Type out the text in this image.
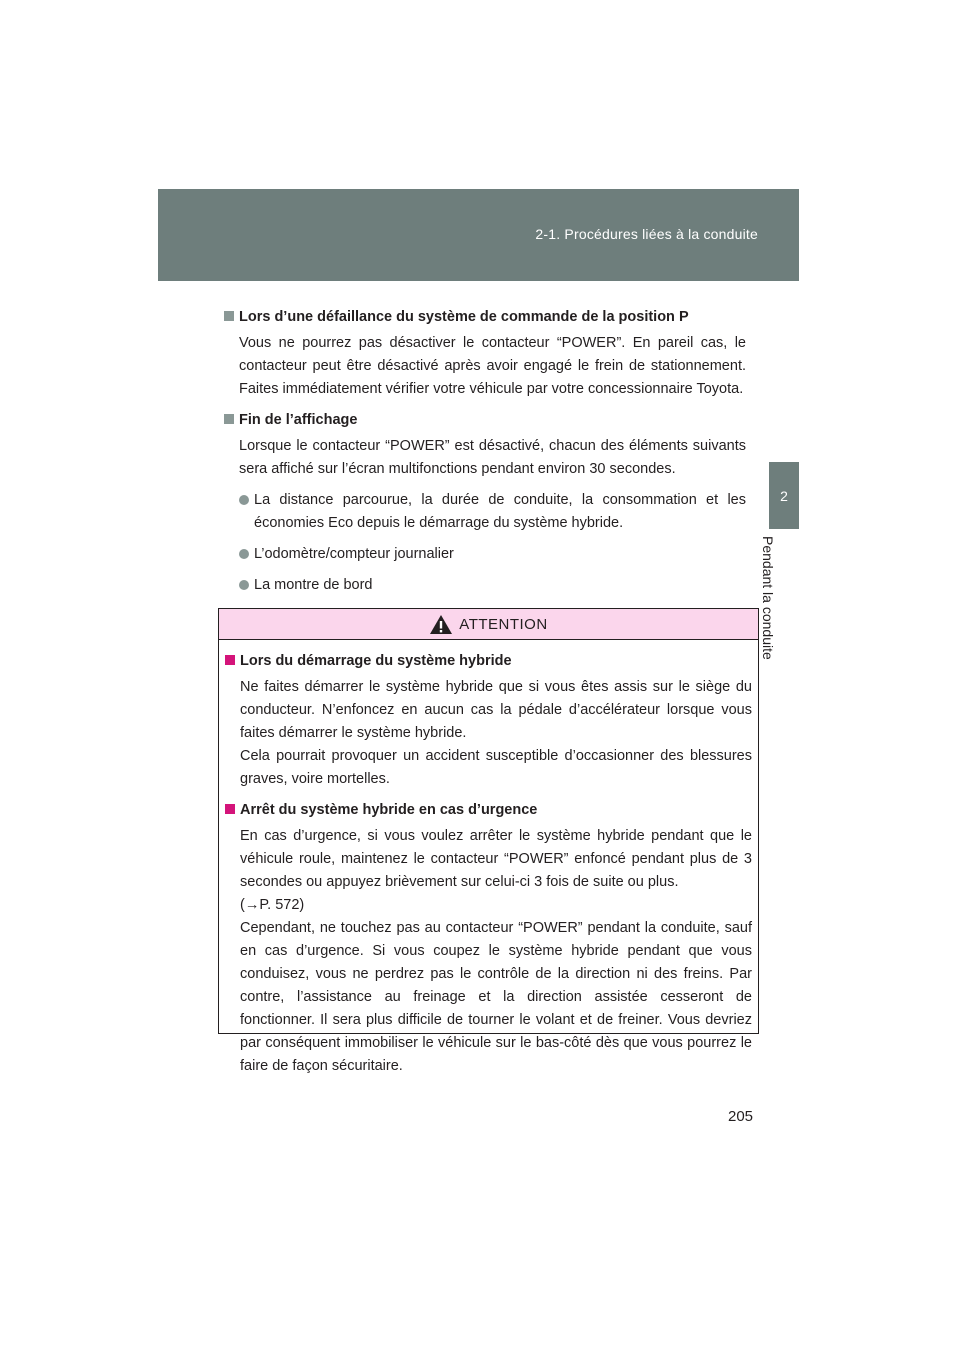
2-1. Procédures liées à la conduite
2
Pendant la conduite
Lors d’une défaillance du système de commande de la position P

Vous ne pourrez pas désactiver le contacteur “POWER”. En pareil cas, le contacteur peut être désactivé après avoir engagé le frein de stationnement. Faites immédiatement vérifier votre véhicule par votre concessionnaire Toyota.

Fin de l’affichage

Lorsque le contacteur “POWER” est désactivé, chacun des éléments suivants sera affiché sur l’écran multifonctions pendant environ 30 secondes.

La distance parcourue, la durée de conduite, la consommation et les économies Eco depuis le démarrage du système hybride.
L’odomètre/compteur journalier
La montre de bord
ATTENTION
Lors du démarrage du système hybride

Ne faites démarrer le système hybride que si vous êtes assis sur le siège du conducteur. N’enfoncez en aucun cas la pédale d’accélérateur lorsque vous faites démarrer le système hybride.

Cela pourrait provoquer un accident susceptible d’occasionner des blessures graves, voire mortelles.

Arrêt du système hybride en cas d’urgence

En cas d’urgence, si vous voulez arrêter le système hybride pendant que le véhicule roule, maintenez le contacteur “POWER” enfoncé pendant plus de 3 secondes ou appuyez brièvement sur celui-ci 3 fois de suite ou plus.

(→P. 572)

Cependant, ne touchez pas au contacteur “POWER” pendant la conduite, sauf en cas d’urgence. Si vous coupez le système hybride pendant que vous conduisez, vous ne perdrez pas le contrôle de la direction ni des freins. Par contre, l’assistance au freinage et la direction assistée cesseront de fonctionner. Il sera plus difficile de tourner le volant et de freiner. Vous devriez par conséquent immobiliser le véhicule sur le bas-côté dès que vous pourrez le faire de façon sécuritaire.

205
